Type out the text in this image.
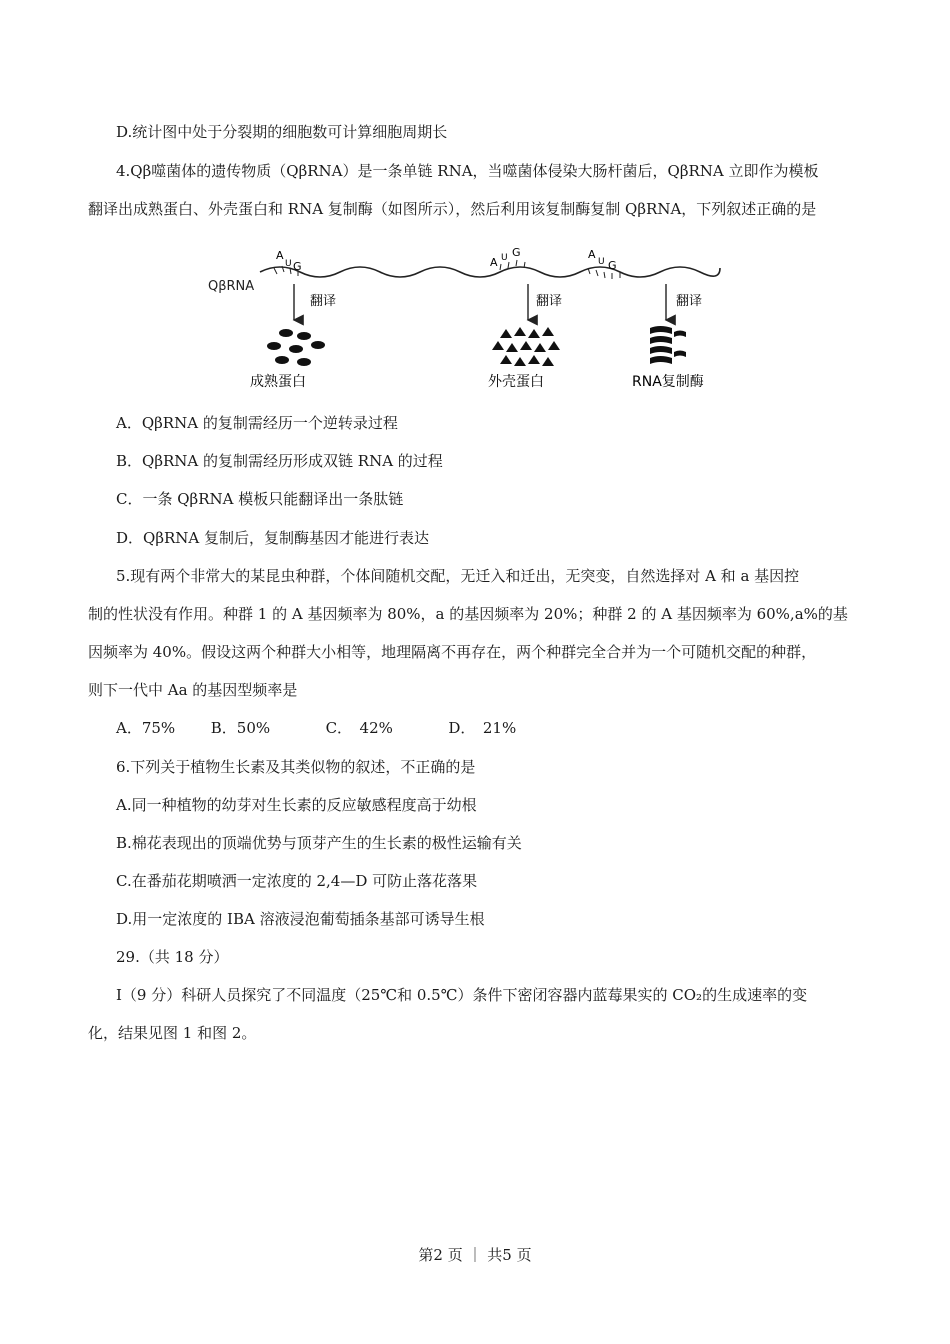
D.统计图中处于分裂期的细胞数可计算细胞周期长
4.Qβ噬菌体的遗传物质（QβRNA）是一条单链 RNA，当噬菌体侵染大肠杆菌后，QβRNA 立即作为模板
翻译出成熟蛋白、外壳蛋白和 RNA 复制酶（如图所示），然后利用该复制酶复制 QβRNA，下列叙述正确的是
QβRNA
A
U G	A U G	A
U G
翻译	翻译	翻译
成熟蛋白	外壳蛋白	RNA复制酶
A．QβRNA 的复制需经历一个逆转录过程
B．QβRNA 的复制需经历形成双链 RNA 的过程
C．一条 QβRNA 模板只能翻译出一条肽链
D．QβRNA 复制后，复制酶基因才能进行表达
5.现有两个非常大的某昆虫种群，个体间随机交配，无迁入和迁出，无突变，自然选择对 A 和 a 基因控
制的性状没有作用。种群 1 的 A 基因频率为 80%，a 的基因频率为 20%；种群 2 的 A 基因频率为 60%,a%的基
因频率为 40%。假设这两个种群大小相等，地理隔离不再存在，两个种群完全合并为一个可随机交配的种群，
则下一代中 Aa 的基因型频率是
A．75% B．50%	C．　42%	D．　21%
6.下列关于植物生长素及其类似物的叙述，不正确的是
A.同一种植物的幼芽对生长素的反应敏感程度高于幼根
B.棉花表现出的顶端优势与顶芽产生的生长素的极性运输有关
C.在番茄花期喷洒一定浓度的 2,4—D 可防止落花落果
D.用一定浓度的 IBA 溶液浸泡葡萄插条基部可诱导生根
29.（共 18 分）
Ⅰ（9 分）科研人员探究了不同温度（25℃和 0.5℃）条件下密闭容器内蓝莓果实的 CO₂的生成速率的变
化，结果见图 1 和图 2。
第2 页 ｜ 共5 页
